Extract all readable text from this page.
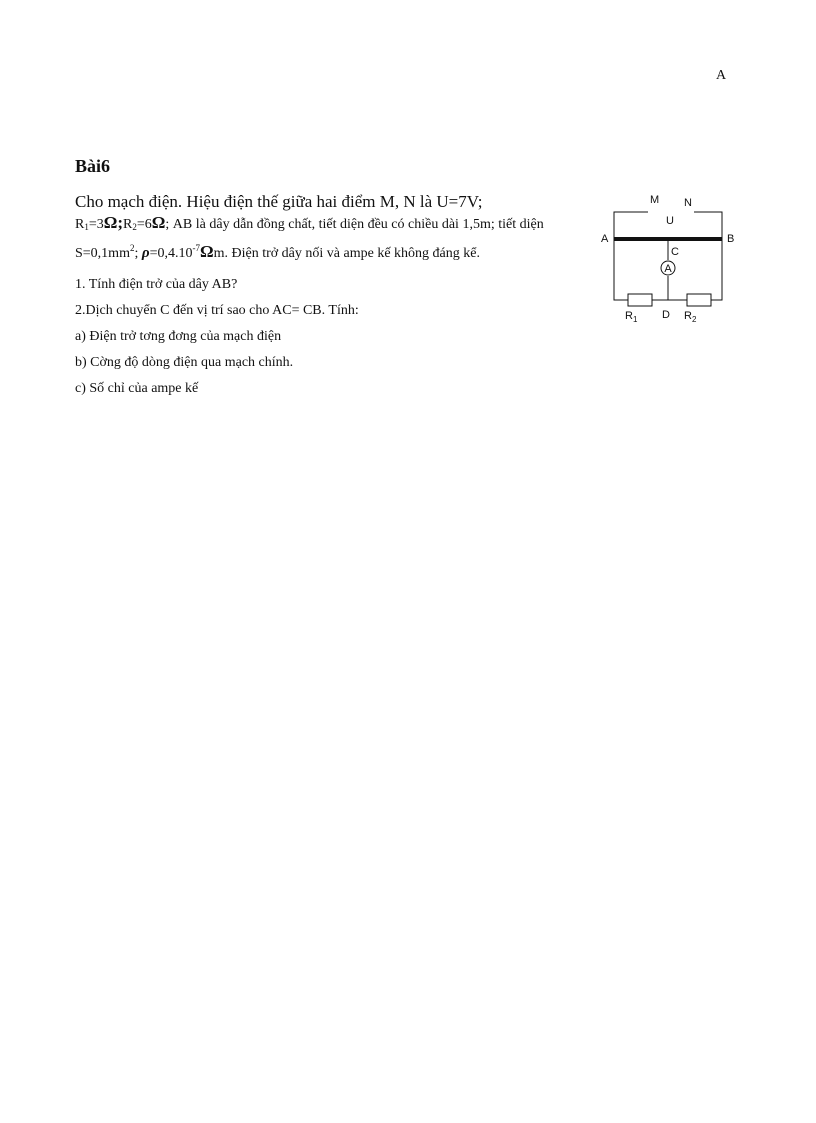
A
Bài6
Cho mạch điện. Hiệu điện thế giữa hai điểm M, N là U=7V;
$R_1=3\Omega;R_2=6\Omega$; AB là dây dẫn đồng chất, tiết diện đều có chiều dài 1,5m; tiết diện $S=0,1mm^2$; $\rho=0,4.10^{-7}\Omega m$. Điện trở dây nối và ampe kế không đáng kể.
1. Tính điện trở của dây AB?
2.Dịch chuyển C đến vị trí sao cho AC= CB. Tính:
a) Điện trở tơng đơng của mạch điện
b) Cờng độ dòng điện qua mạch chính.
c) Số chỉ của ampe kế
A
M N
U
A	B
C
D
$R_1$	$R_2$
